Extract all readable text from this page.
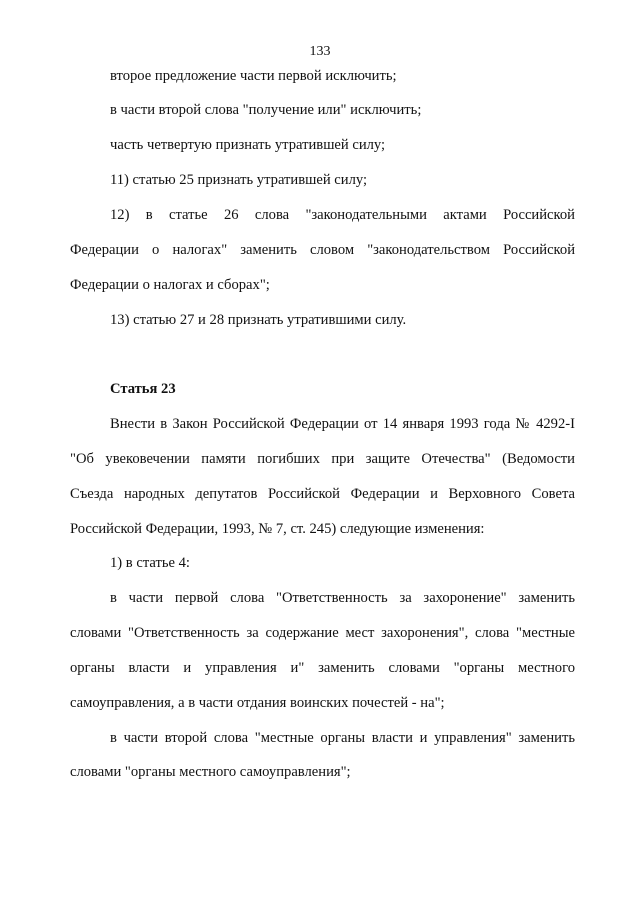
133
второе предложение части первой исключить;
в части второй слова "получение или" исключить;
часть четвертую признать утратившей силу;
11) статью 25 признать утратившей силу;
12) в статье 26 слова "законодательными актами Российской
Федерации о налогах" заменить словом "законодательством Российской
Федерации о налогах и сборах";
13) статью 27 и 28 признать утратившими силу.
Статья 23
Внести в Закон Российской Федерации от 14 января 1993 года № 4292-I
"Об увековечении памяти погибших при защите Отечества" (Ведомости
Съезда народных депутатов Российской Федерации и Верховного Совета
Российской Федерации, 1993, № 7, ст. 245) следующие изменения:
1) в статье 4:
в части первой слова "Ответственность за захоронение" заменить
словами "Ответственность за содержание мест захоронения", слова "местные
органы власти и управления и" заменить словами "органы местного
самоуправления, а в части отдания воинских почестей - на";
в части второй слова "местные органы власти и управления" заменить
словами "органы местного самоуправления";
